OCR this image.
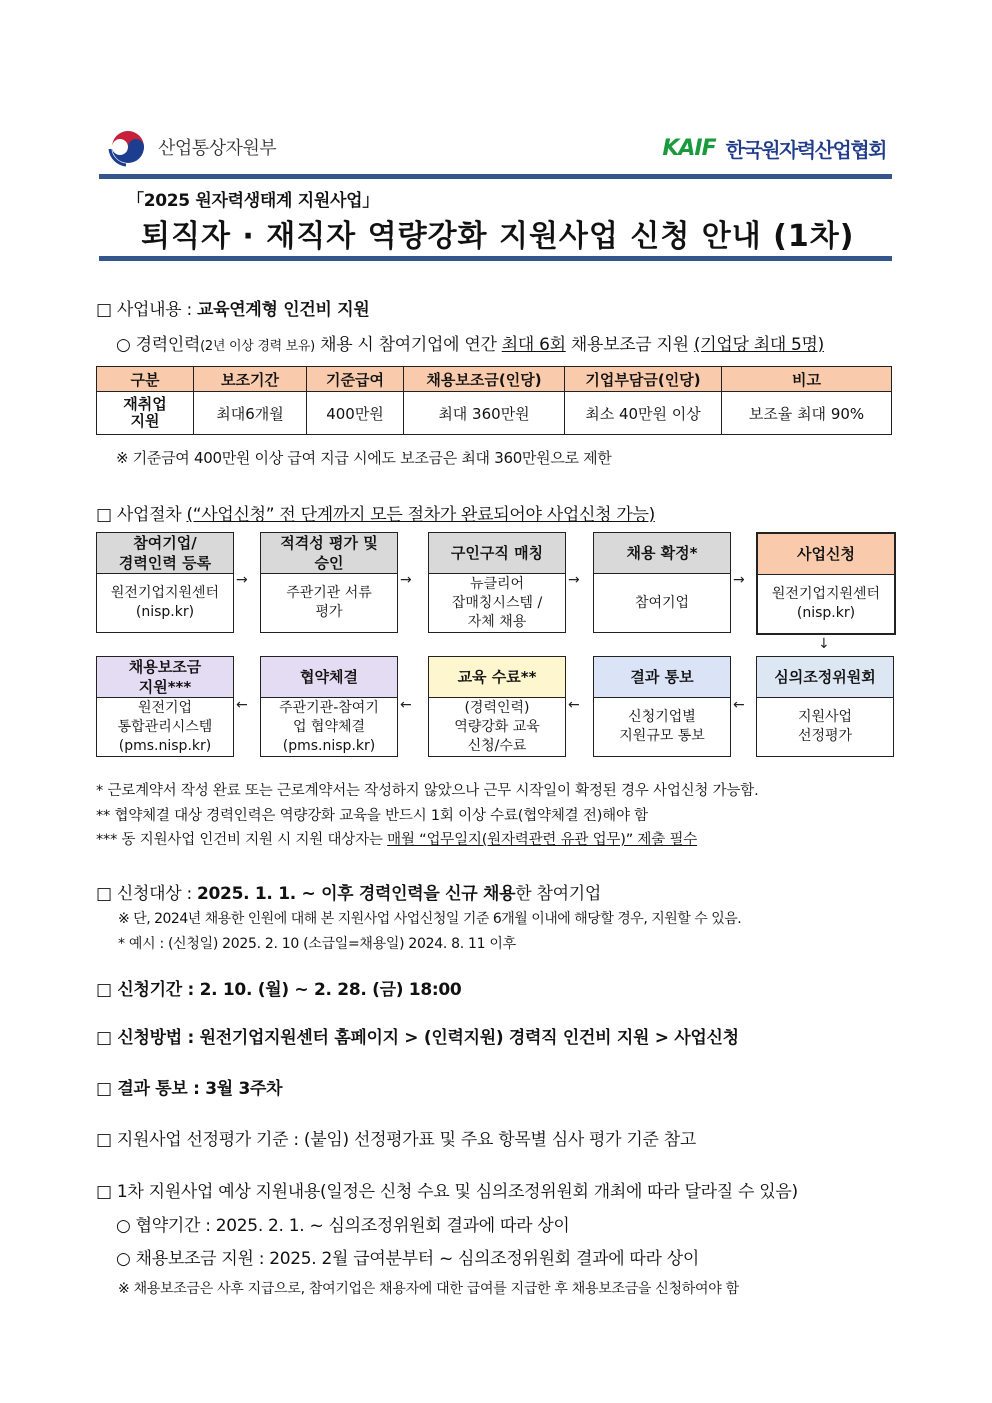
산업통상자원부	KAIF 한국원자력산업협회
「2025 원자력생태계 지원사업」
퇴직자 · 재직자 역량강화 지원사업 신청 안내 (1차)
□ 사업내용 : 교육연계형 인건비 지원
○ 경력인력(2년 이상 경력 보유) 채용 시 참여기업에 연간 최대 6회 채용보조금 지원 (기업당 최대 5명)
구분	보조기간	기준급여	채용보조금(인당)	기업부담금(인당)	비고
재취업
지원	최대6개월	400만원	최대 360만원	최소 40만원 이상	보조율 최대 90%
※ 기준금여 400만원 이상 급여 지급 시에도 보조금은 최대 360만원으로 제한
□ 사업절차 (“사업신청” 전 단계까지 모든 절차가 완료되어야 사업신청 가능)
참여기업/
경력인력 등록
원전기업지원센터
(nisp.kr)
채용보조금
지원***
원전기업
통합관리시스템
(pms.nisp.kr)
적격성 평가 및
승인
주관기관 서류
평가
협약체결
주관기관-참여기
업 협약체결
(pms.nisp.kr)
구인구직 매칭
뉴클리어
잡매칭시스템 /
자체 채용
교육 수료**
(경력인력)
역량강화 교육
신청/수료
채용 확정*
참여기업
결과 통보
신청기업별
지원규모 통보
사업신청
원전기업지원센터
(nisp.kr)
심의조정위원회
지원사업
선정평가
→
←
→
←
→
←
→
←
↓
* 근로계약서 작성 완료 또는 근로계약서는 작성하지 않았으나 근무 시작일이 확정된 경우 사업신청 가능함.
** 협약체결 대상 경력인력은 역량강화 교육을 반드시 1회 이상 수료(협약체결 전)해야 함
*** 동 지원사업 인건비 지원 시 지원 대상자는 매월 “업무일지(원자력관련 유관 업무)” 제출 필수
□ 신청대상 : 2025. 1. 1. ~ 이후 경력인력을 신규 채용한 참여기업
※ 단, 2024년 채용한 인원에 대해 본 지원사업 사업신청일 기준 6개월 이내에 해당할 경우, 지원할 수 있음.
* 예시 : (신청일) 2025. 2. 10 (소급일=채용일) 2024. 8. 11 이후
□ 신청기간 : 2. 10. (월) ~ 2. 28. (금) 18:00
□ 신청방법 : 원전기업지원센터 홈페이지 > (인력지원) 경력직 인건비 지원 > 사업신청
□ 결과 통보 : 3월 3주차
□ 지원사업 선정평가 기준 : (붙임) 선정평가표 및 주요 항목별 심사 평가 기준 참고
□ 1차 지원사업 예상 지원내용(일정은 신청 수요 및 심의조정위원회 개최에 따라 달라질 수 있음)
○ 협약기간 : 2025. 2. 1. ~ 심의조정위원회 결과에 따라 상이
○ 채용보조금 지원 : 2025. 2월 급여분부터 ~ 심의조정위원회 결과에 따라 상이
※ 채용보조금은 사후 지급으로, 참여기업은 채용자에 대한 급여를 지급한 후 채용보조금을 신청하여야 함
